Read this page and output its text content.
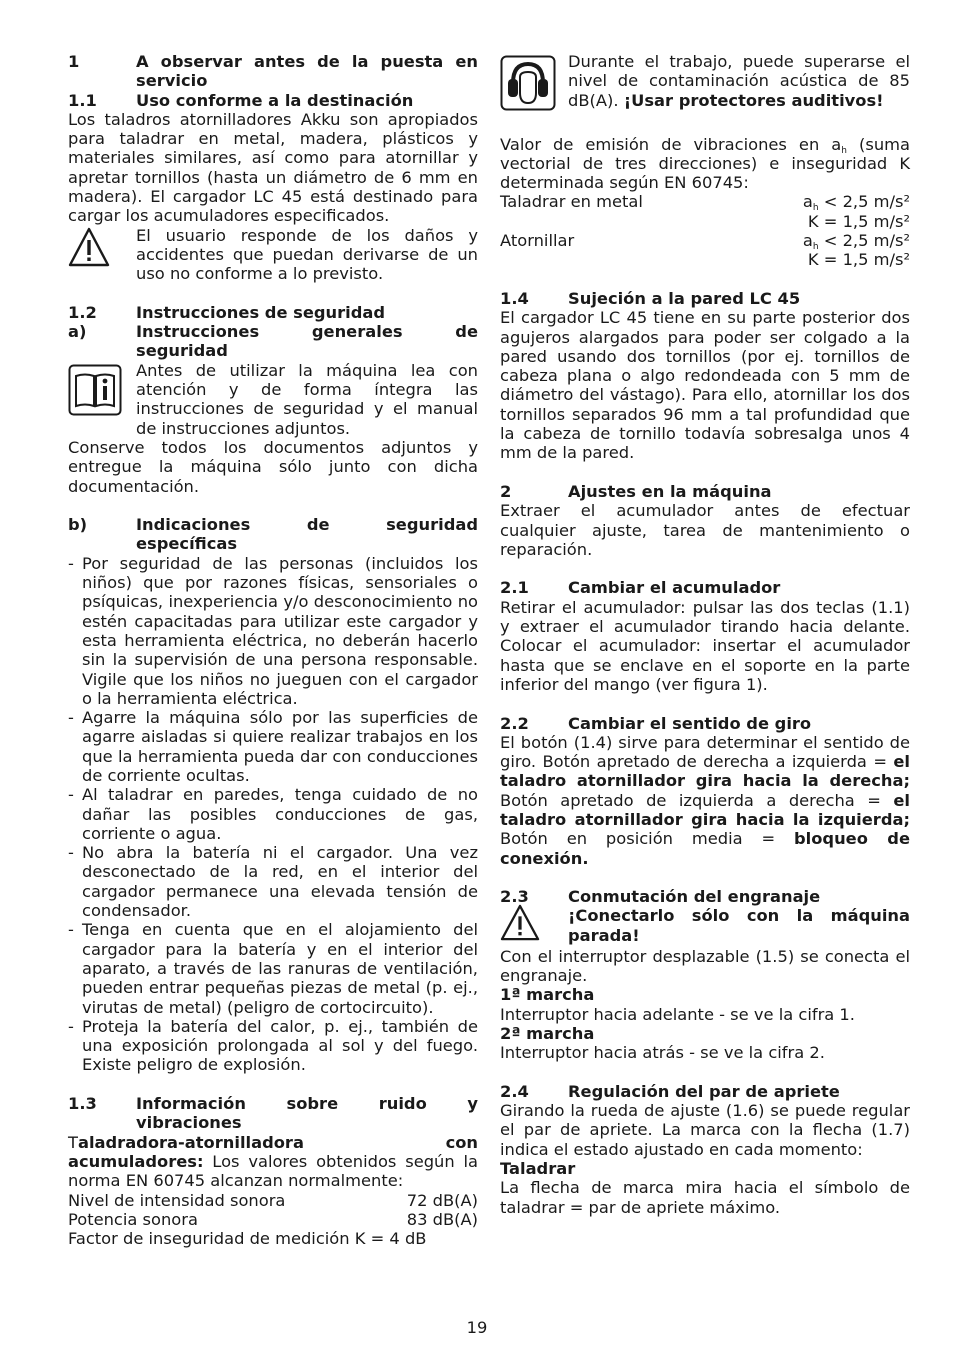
1	A observar antes de la puesta en servicio
1.1	Uso conforme a la destinación

Los taladros atornilladores Akku son apropiados para taladrar en metal, madera, plásticos y materiales similares, así como para atornillar y apretar tornillos (hasta un diámetro de 6 mm en madera). El cargador LC 45 está destinado para cargar los acumuladores especificados.

El usuario responde de los daños y accidentes que puedan derivarse de un uso no conforme a lo previsto.
1.2	Instrucciones de seguridad
a)	Instrucciones generales de seguridad
Antes de utilizar la máquina lea con atención y de forma íntegra las instrucciones de seguridad y el manual de instrucciones adjuntos.

Conserve todos los documentos adjuntos y entregue la máquina sólo junto con dicha documentación.

b)	Indicaciones de seguridad específicas
- Por seguridad de las personas (incluidos los niños) que por razones físicas, sensoriales o psíquicas, inexperiencia y/o desconocimiento no estén capacitadas para utilizar este cargador y esta herramienta eléctrica, no deberán hacerlo sin la supervisión de una persona responsable. Vigile que los niños no jueguen con el cargador o la herramienta eléctrica.
- Agarre la máquina sólo por las superficies de agarre aisladas si quiere realizar trabajos en los que la herramienta pueda dar con conducciones de corriente ocultas.
- Al taladrar en paredes, tenga cuidado de no dañar las posibles conducciones de gas, corriente o agua.
- No abra la batería ni el cargador. Una vez desconectado de la red, en el interior del cargador permanece una elevada tensión de condensador.
- Tenga en cuenta que en el alojamiento del cargador para la batería y en el interior del aparato, a través de las ranuras de ventilación, pueden entrar pequeñas piezas de metal (p. ej., virutas de metal) (peligro de cortocircuito).
- Proteja la batería del calor, p. ej., también de una exposición prolongada al sol y del fuego. Existe peligro de explosión.
1.3	Información sobre ruido y vibraciones

Taladradora-atornilladora con acumuladores: Los valores obtenidos según la norma EN 60745 alcanzan normalmente:

Nivel de intensidad sonora	72 dB(A)
Potencia sonora	83 dB(A)

Factor de inseguridad de medición K = 4 dB

Durante el trabajo, puede superarse el nivel de contaminación acústica de 85 dB(A). ¡Usar protectores auditivos!

Valor de emisión de vibraciones en $a_h$ (suma vectorial de tres direcciones) e inseguridad K determinada según EN 60745:

Taladrar en metal	$a_h < 2,5$ m/s²
K = 1,5 m/s²
Atornillar	$a_h < 2,5$ m/s²
K = 1,5 m/s²
1.4	Sujeción a la pared LC 45

El cargador LC 45 tiene en su parte posterior dos agujeros alargados para poder ser colgado a la pared usando dos tornillos (por ej. tornillos de cabeza plana o algo redondeada con 5 mm de diámetro del vástago). Para ello, atornillar los dos tornillos separados 96 mm a tal profundidad que la cabeza de tornillo todavía sobresalga unos 4 mm de la pared.

2	Ajustes en la máquina

Extraer el acumulador antes de efectuar cualquier ajuste, tarea de mantenimiento o reparación.

2.1	Cambiar el acumulador

Retirar el acumulador: pulsar las dos teclas (1.1) y extraer el acumulador tirando hacia delante. Colocar el acumulador: insertar el acumulador hasta que se enclave en el soporte en la parte inferior del mango (ver figura 1).

2.2	Cambiar el sentido de giro

El botón (1.4) sirve para determinar el sentido de giro. Botón apretado de derecha a izquierda = el taladro atornillador gira hacia la derecha; Botón apretado de izquierda a derecha = el taladro atornillador gira hacia la izquierda; Botón en posición media = bloqueo de conexión.

2.3	Conmutación del engranaje
¡Conectarlo sólo con la máquina parada!

Con el interruptor desplazable (1.5) se conecta el engranaje.

1ª marcha

Interruptor hacia adelante - se ve la cifra 1.

2ª marcha

Interruptor hacia atrás - se ve la cifra 2.

2.4	Regulación del par de apriete

Girando la rueda de ajuste (1.6) se puede regular el par de apriete. La marca con la flecha (1.7) indica el estado ajustado en cada momento:

Taladrar

La flecha de marca mira hacia el símbolo de taladrar = par de apriete máximo.

19
